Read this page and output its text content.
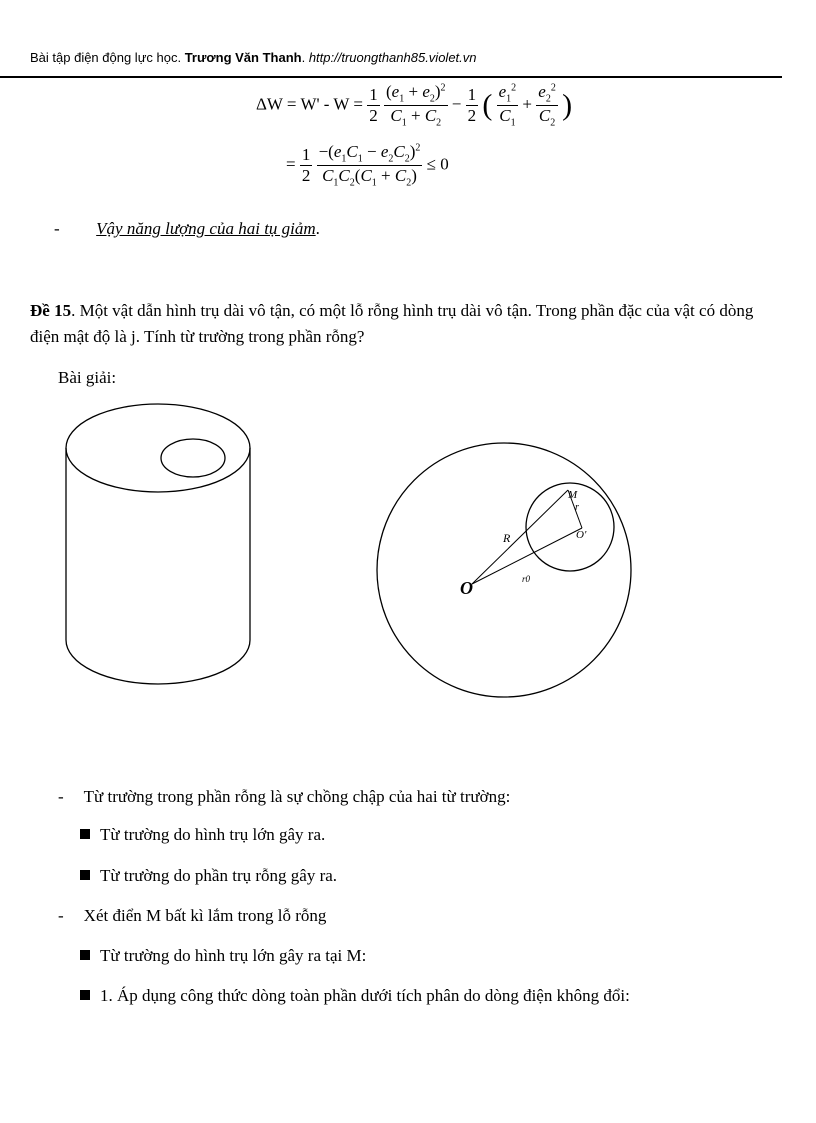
Bài tập điện động lực học. Trương Văn Thanh. http://truongthanh85.violet.vn
$\Delta W = W' - W = \frac{1}{2}$
$\frac{(e_1 + e_2)^2}{C_1 + C_2} - \frac{1}{2}$ ( $\frac{e_1^2}{C_1} + \frac{e_2^2}{C_2}$ )
= $\frac{1}{2}$
$\frac{-(e_1C_1 - e_2C_2)^2}{C_1C_2(C_1 + C_2)} \le 0$
- Vậy năng lượng của hai tụ giảm.
Đề 15. Một vật dẫn hình trụ dài vô tận, có một lỗ rỗng hình trụ dài vô tận. Trong phần đặc của vật có dòng điện mật độ là j. Tính từ trường trong phần rỗng?
Bài giải:
O
O'
M
r
R
r0
- Từ trường trong phần rỗng là sự chồng chập của hai từ trường:
Từ trường do hình trụ lớn gây ra.
Từ trường do phần trụ rỗng gây ra.
- Xét điển M bất kì lắm trong lỗ rỗng
Từ trường do hình trụ lớn gây ra tại M:
1. Áp dụng công thức dòng toàn phần dưới tích phân do dòng điện không đổi:
